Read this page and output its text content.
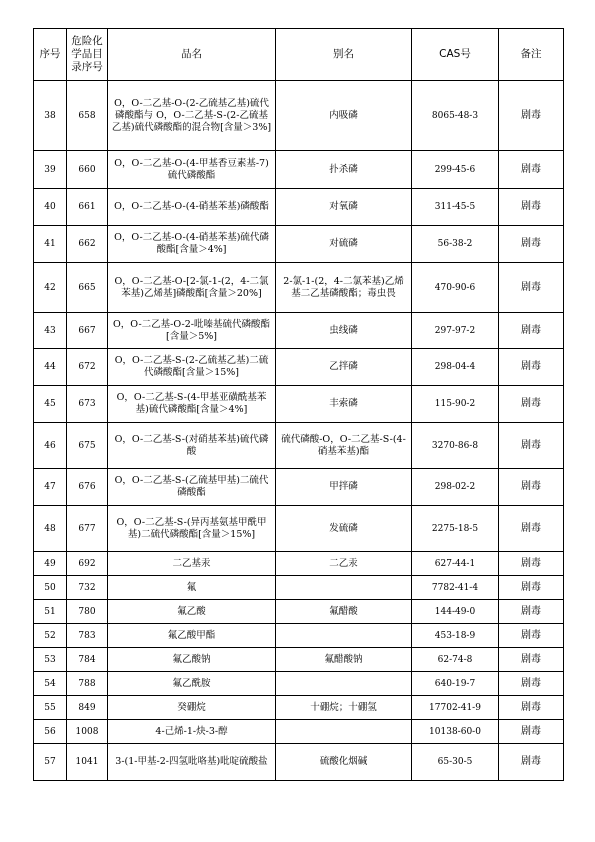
序号	危险化学品目录序号	品名	别名	CAS号	备注
38	658	O，O-二乙基-O-(2-乙硫基乙基)硫代磷酸酯与 O，O-二乙基-S-(2-乙硫基乙基)硫代磷酸酯的混合物[含量＞3%]	内吸磷	8065-48-3	剧毒
39	660	O，O-二乙基-O-(4-甲基香豆素基-7)硫代磷酸酯	扑杀磷	299-45-6	剧毒
40	661	O，O-二乙基-O-(4-硝基苯基)磷酸酯	对氧磷	311-45-5	剧毒
41	662	O，O-二乙基-O-(4-硝基苯基)硫代磷酸酯[含量＞4%]	对硫磷	56-38-2	剧毒
42	665	O，O-二乙基-O-[2-氯-1-(2，4-二氯苯基)乙烯基]磷酸酯[含量＞20%]	2-氯-1-(2，4-二氯苯基)乙烯基二乙基磷酸酯；毒虫畏	470-90-6	剧毒
43	667	O，O-二乙基-O-2-吡嗪基硫代磷酸酯[含量＞5%]	虫线磷	297-97-2	剧毒
44	672	O，O-二乙基-S-(2-乙硫基乙基)二硫代磷酸酯[含量＞15%]	乙拌磷	298-04-4	剧毒
45	673	O，O-二乙基-S-(4-甲基亚磺酰基苯基)硫代磷酸酯[含量＞4%]	丰索磷	115-90-2	剧毒
46	675	O，O-二乙基-S-(对硝基苯基)硫代磷酸	硫代磷酸-O，O-二乙基-S-(4-硝基苯基)酯	3270-86-8	剧毒
47	676	O，O-二乙基-S-(乙硫基甲基)二硫代磷酸酯	甲拌磷	298-02-2	剧毒
48	677	O，O-二乙基-S-(异丙基氨基甲酰甲基)二硫代磷酸酯[含量＞15%]	发硫磷	2275-18-5	剧毒
49	692	二乙基汞	二乙汞	627-44-1	剧毒
50	732	氟		7782-41-4	剧毒
51	780	氟乙酸	氟醋酸	144-49-0	剧毒
52	783	氟乙酸甲酯		453-18-9	剧毒
53	784	氟乙酸钠	氟醋酸钠	62-74-8	剧毒
54	788	氟乙酰胺		640-19-7	剧毒
55	849	癸硼烷	十硼烷；十硼氢	17702-41-9	剧毒
56	1008	4-己烯-1-炔-3-醇		10138-60-0	剧毒
57	1041	3-(1-甲基-2-四氢吡咯基)吡啶硫酸盐	硫酸化烟碱	65-30-5	剧毒
